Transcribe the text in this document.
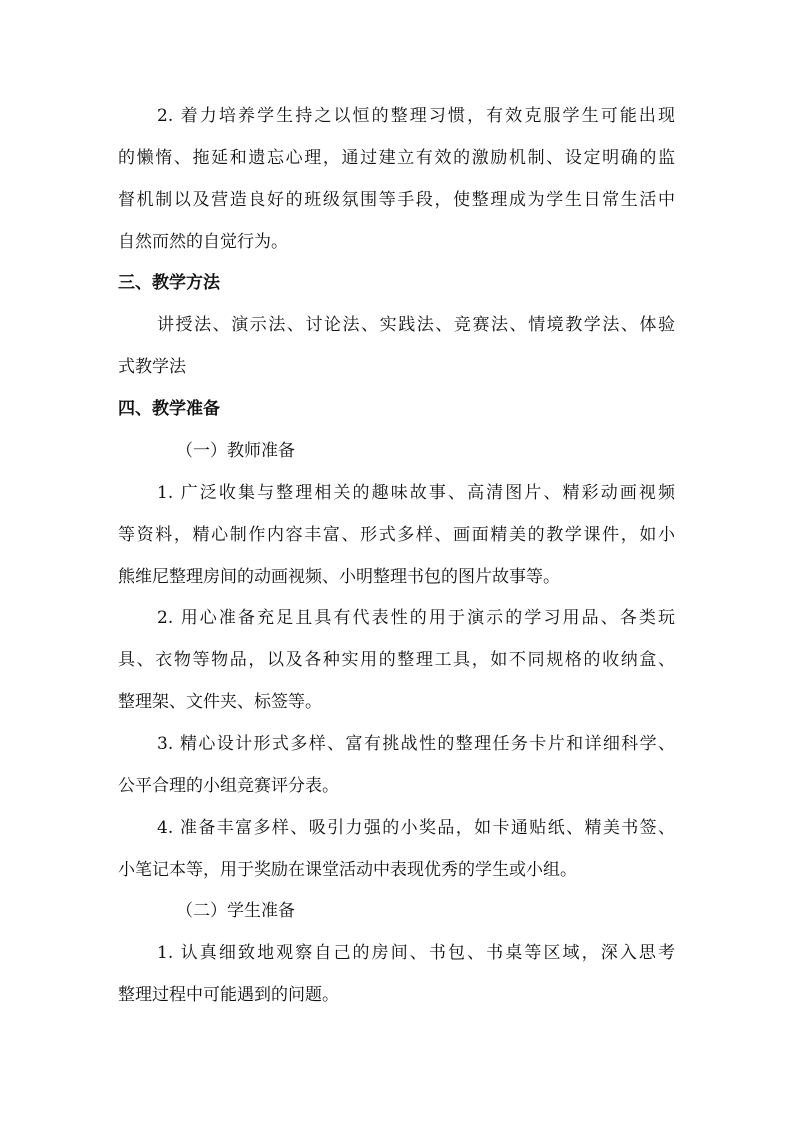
2. 着力培养学生持之以恒的整理习惯，有效克服学生可能出现
的懒惰、拖延和遗忘心理，通过建立有效的激励机制、设定明确的监
督机制以及营造良好的班级氛围等手段，使整理成为学生日常生活中
自然而然的自觉行为。
三、教学方法
讲授法、演示法、讨论法、实践法、竞赛法、情境教学法、体验
式教学法
四、教学准备
（一）教师准备
1. 广泛收集与整理相关的趣味故事、高清图片、精彩动画视频
等资料，精心制作内容丰富、形式多样、画面精美的教学课件，如小
熊维尼整理房间的动画视频、小明整理书包的图片故事等。
2. 用心准备充足且具有代表性的用于演示的学习用品、各类玩
具、衣物等物品，以及各种实用的整理工具，如不同规格的收纳盒、
整理架、文件夹、标签等。
3. 精心设计形式多样、富有挑战性的整理任务卡片和详细科学、
公平合理的小组竞赛评分表。
4. 准备丰富多样、吸引力强的小奖品，如卡通贴纸、精美书签、
小笔记本等，用于奖励在课堂活动中表现优秀的学生或小组。
（二）学生准备
1. 认真细致地观察自己的房间、书包、书桌等区域，深入思考
整理过程中可能遇到的问题。
